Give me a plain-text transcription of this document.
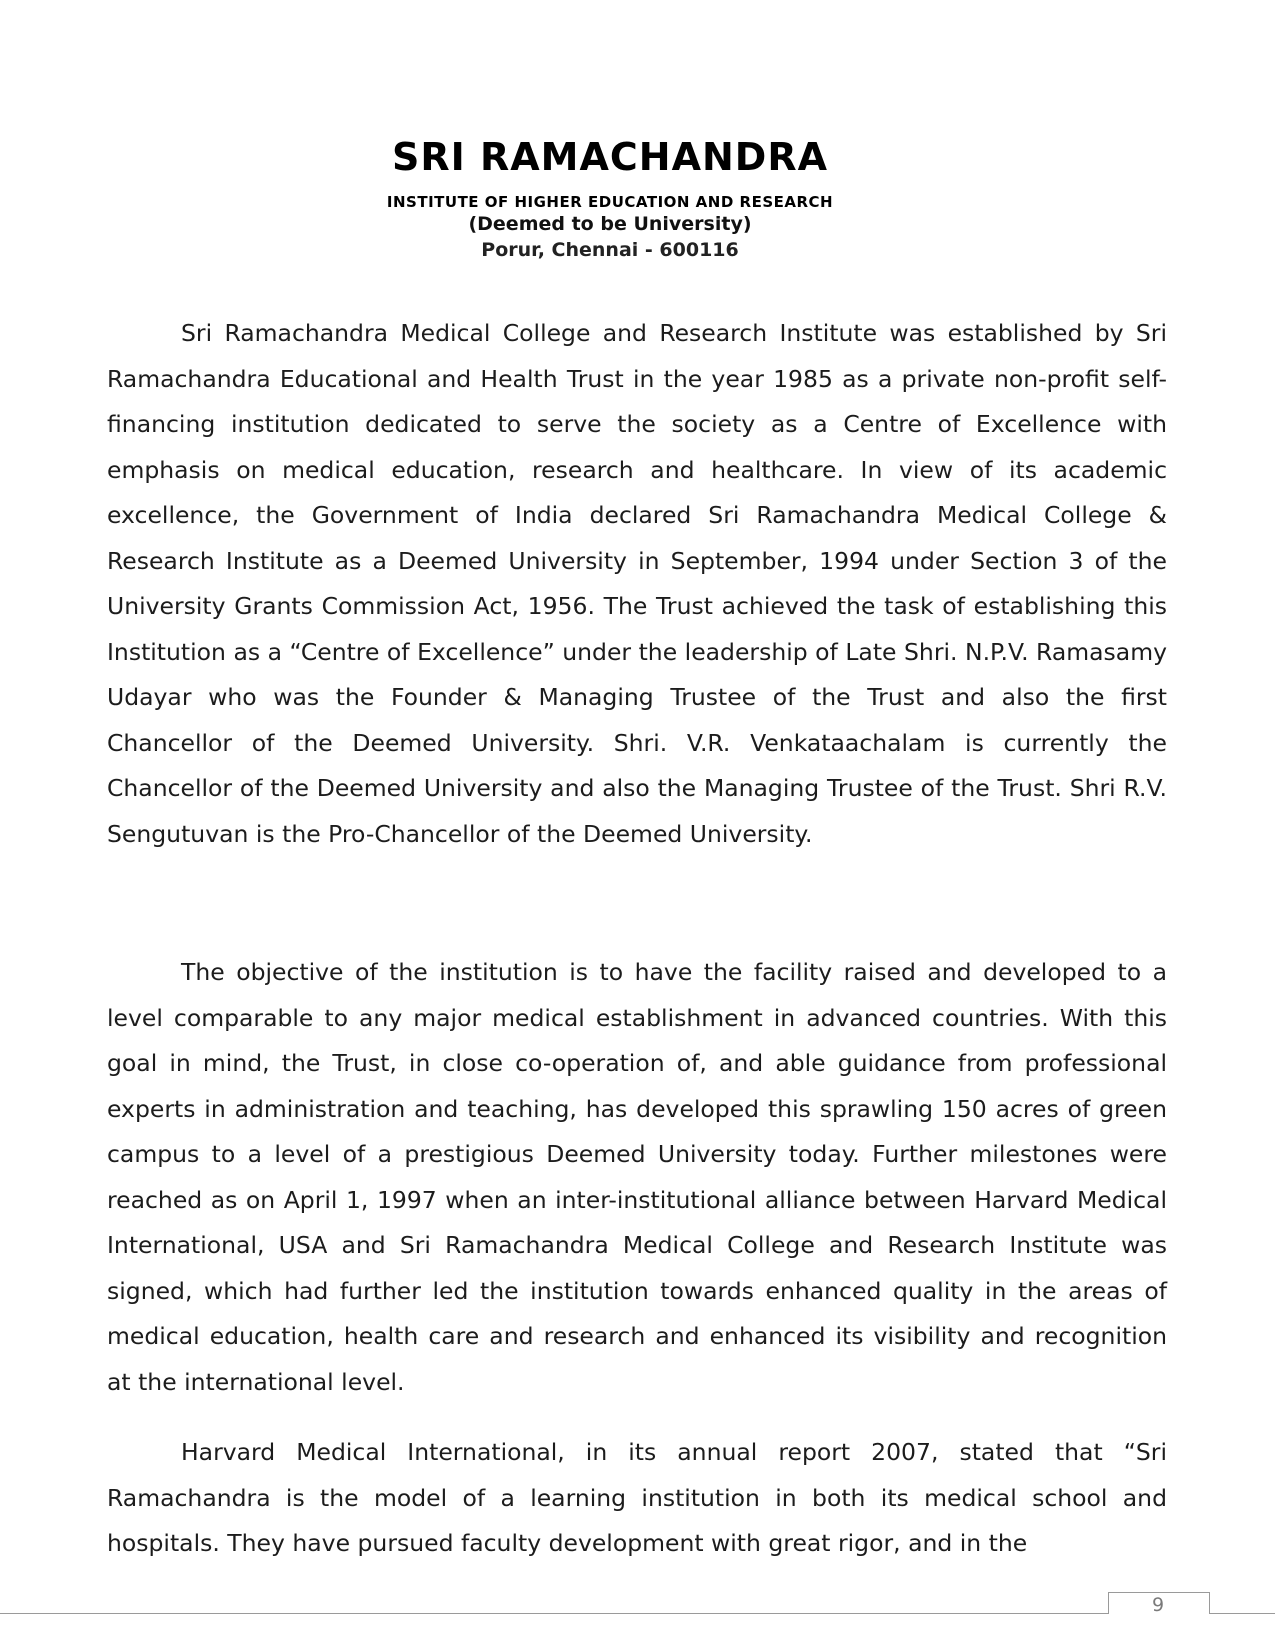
SRI RAMACHANDRA
INSTITUTE OF HIGHER EDUCATION AND RESEARCH
(Deemed to be University)
Porur, Chennai - 600116

Sri Ramachandra Medical College and Research Institute was established by Sri Ramachandra Educational and Health Trust in the year 1985 as a private non-profit self-financing institution dedicated to serve the society as a Centre of Excellence with emphasis on medical education, research and healthcare. In view of its academic excellence, the Government of India declared Sri Ramachandra Medical College & Research Institute as a Deemed University in September, 1994 under Section 3 of the University Grants Commission Act, 1956. The Trust achieved the task of establishing this Institution as a “Centre of Excellence” under the leadership of Late Shri. N.P.V. Ramasamy Udayar who was the Founder & Managing Trustee of the Trust and also the first Chancellor of the Deemed University. Shri. V.R. Venkataachalam is currently the Chancellor of the Deemed University and also the Managing Trustee of the Trust. Shri R.V. Sengutuvan is the Pro-Chancellor of the Deemed University.

The objective of the institution is to have the facility raised and developed to a level comparable to any major medical establishment in advanced countries. With this goal in mind, the Trust, in close co-operation of, and able guidance from professional experts in administration and teaching, has developed this sprawling 150 acres of green campus to a level of a prestigious Deemed University today. Further milestones were reached as on April 1, 1997 when an inter-institutional alliance between Harvard Medical International, USA and Sri Ramachandra Medical College and Research Institute was signed, which had further led the institution towards enhanced quality in the areas of medical education, health care and research and enhanced its visibility and recognition at the international level.

Harvard Medical International, in its annual report 2007, stated that “Sri Ramachandra is the model of a learning institution in both its medical school and hospitals. They have pursued faculty development with great rigor, and in the

9
